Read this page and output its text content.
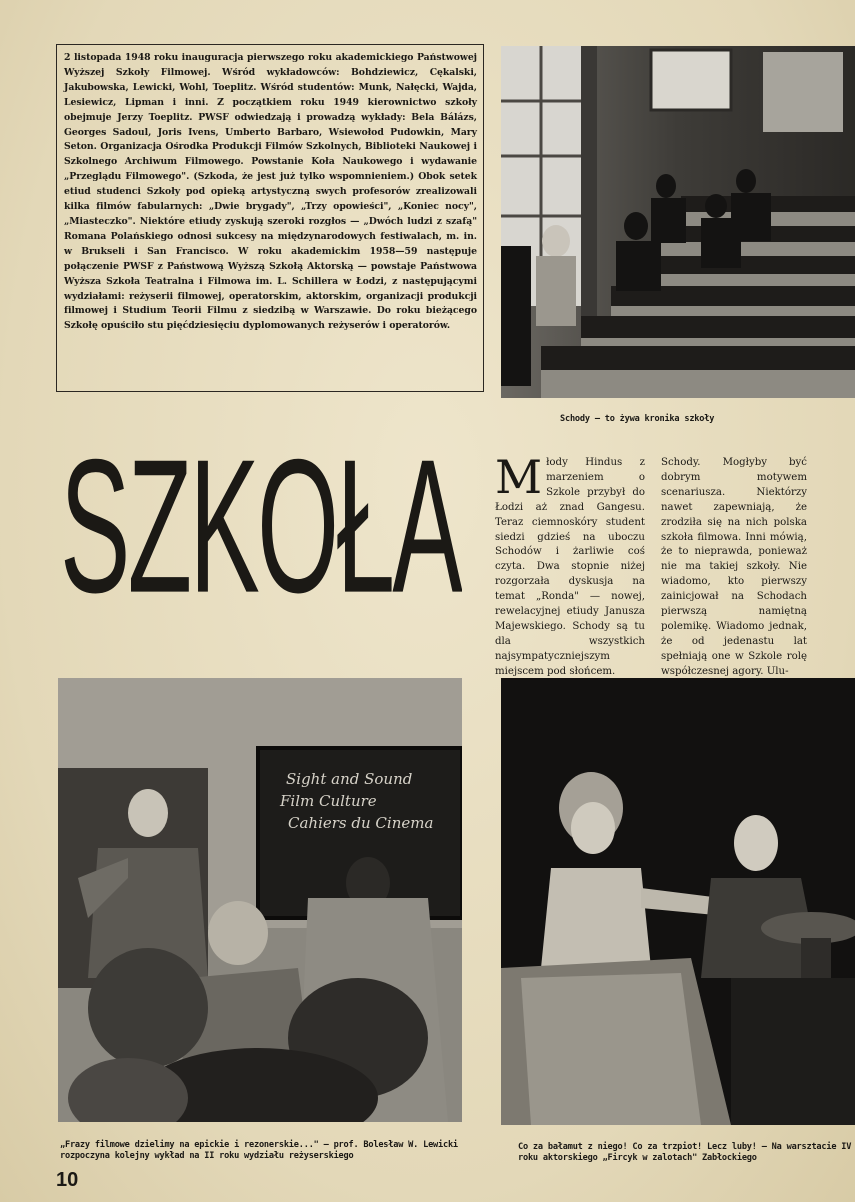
2 listopada 1948 roku inauguracja pierwszego roku akademickiego Państwowej Wyższej Szkoły Filmowej. Wśród wykładowców: Bohdziewicz, Cękalski, Jakubowska, Lewicki, Wohl, Toeplitz. Wśród studentów: Munk, Nałęcki, Wajda, Lesiewicz, Lipman i inni. Z początkiem roku 1949 kierownictwo szkoły obejmuje Jerzy Toeplitz. PWSF odwiedzają i prowadzą wykłady: Bela Bálázs, Georges Sadoul, Joris Ivens, Umberto Barbaro, Wsiewołod Pudowkin, Mary Seton. Organizacja Ośrodka Produkcji Filmów Szkolnych, Biblioteki Naukowej i Szkolnego Archiwum Filmowego. Powstanie Koła Naukowego i wydawanie „Przeglądu Filmowego". (Szkoda, że jest już tylko wspomnieniem.) Obok setek etiud studenci Szkoły pod opieką artystyczną swych profesorów zrealizowali kilka filmów fabularnych: „Dwie brygady", „Trzy opowieści", „Koniec nocy", „Miasteczko". Niektóre etiudy zyskują szeroki rozgłos — „Dwóch ludzi z szafą" Romana Polańskiego odnosi sukcesy na międzynarodowych festiwalach, m. in. w Brukseli i San Francisco. W roku akademickim 1958—59 następuje połączenie PWSF z Państwową Wyższą Szkołą Aktorską — powstaje Państwowa Wyższa Szkoła Teatralna i Filmowa im. L. Schillera w Łodzi, z następującymi wydziałami: reżyserii filmowej, operatorskim, aktorskim, organizacji produkcji filmowej i Studium Teorii Filmu z siedzibą w Warszawie. Do roku bieżącego Szkołę opuściło stu pięćdziesięciu dyplomowanych reżyserów i operatorów.
Schody — to żywa kronika szkoły
SZKOŁA Młody Hindus z marzeniem o Szkole przybył do Łodzi aż znad Gangesu. Teraz ciemnoskóry student siedzi gdzieś na uboczu Schodów i żarliwie coś czyta. Dwa stopnie niżej rozgorzała dyskusja na temat „Ronda" — nowej, rewelacyjnej etiudy Janusza Majewskiego. Schody są tu dla wszystkich najsympatyczniejszym miejscem pod słońcem.
Schody. Mogłyby być dobrym motywem scenariusza. Niektórzy nawet zapewniają, że zrodziła się na nich polska szkoła filmowa. Inni mówią, że to nieprawda, ponieważ nie ma takiej szkoły. Nie wiadomo, kto pierwszy zainicjował na Schodach pierwszą namiętną polemikę. Wiadomo jednak, że od jedenastu lat spełniają one w Szkole rolę współczesnej agory. Ulu-
Sight and Sound
Film Culture
Cahiers du Cinema
„Frazy filmowe dzielimy na epickie i rezonerskie..." — prof. Bolesław W. Lewicki rozpoczyna kolejny wykład na II roku wydziału reżyserskiego
Co za bałamut z niego! Co za trzpiot! Lecz luby! — Na warsztacie IV roku aktorskiego „Fircyk w zalotach" Zabłockiego
10
